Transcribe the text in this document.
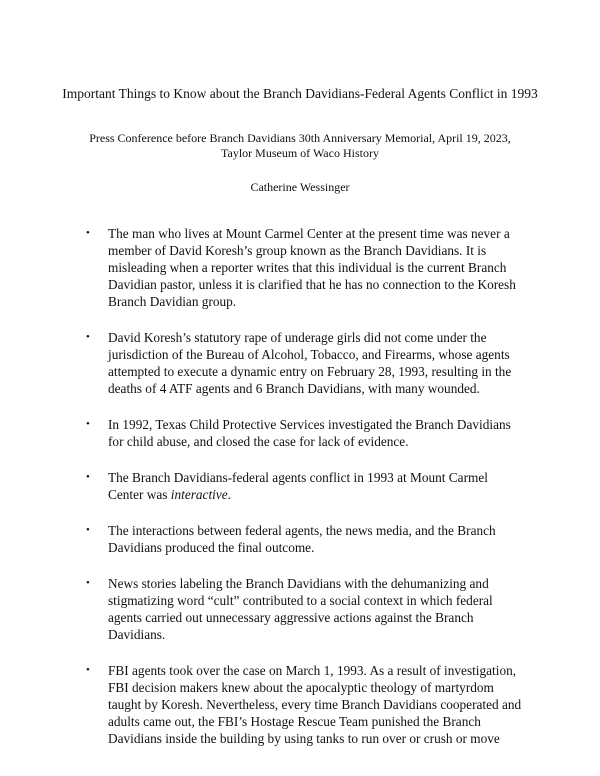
Important Things to Know about the Branch Davidians-Federal Agents Conflict in 1993
Press Conference before Branch Davidians 30th Anniversary Memorial, April 19, 2023,
Taylor Museum of Waco History
Catherine Wessinger
• The man who lives at Mount Carmel Center at the present time was never a member of David Koresh’s group known as the Branch Davidians. It is misleading when a reporter writes that this individual is the current Branch Davidian pastor, unless it is clarified that he has no connection to the Koresh Branch Davidian group.
• David Koresh’s statutory rape of underage girls did not come under the jurisdiction of the Bureau of Alcohol, Tobacco, and Firearms, whose agents attempted to execute a dynamic entry on February 28, 1993, resulting in the deaths of 4 ATF agents and 6 Branch Davidians, with many wounded.
• In 1992, Texas Child Protective Services investigated the Branch Davidians for child abuse, and closed the case for lack of evidence.
• The Branch Davidians-federal agents conflict in 1993 at Mount Carmel Center was interactive.
• The interactions between federal agents, the news media, and the Branch Davidians produced the final outcome.
• News stories labeling the Branch Davidians with the dehumanizing and stigmatizing word “cult” contributed to a social context in which federal agents carried out unnecessary aggressive actions against the Branch Davidians.
• FBI agents took over the case on March 1, 1993. As a result of investigation, FBI decision makers knew about the apocalyptic theology of martyrdom taught by Koresh. Nevertheless, every time Branch Davidians cooperated and adults came out, the FBI’s Hostage Rescue Team punished the Branch Davidians inside the building by using tanks to run over or crush or move
